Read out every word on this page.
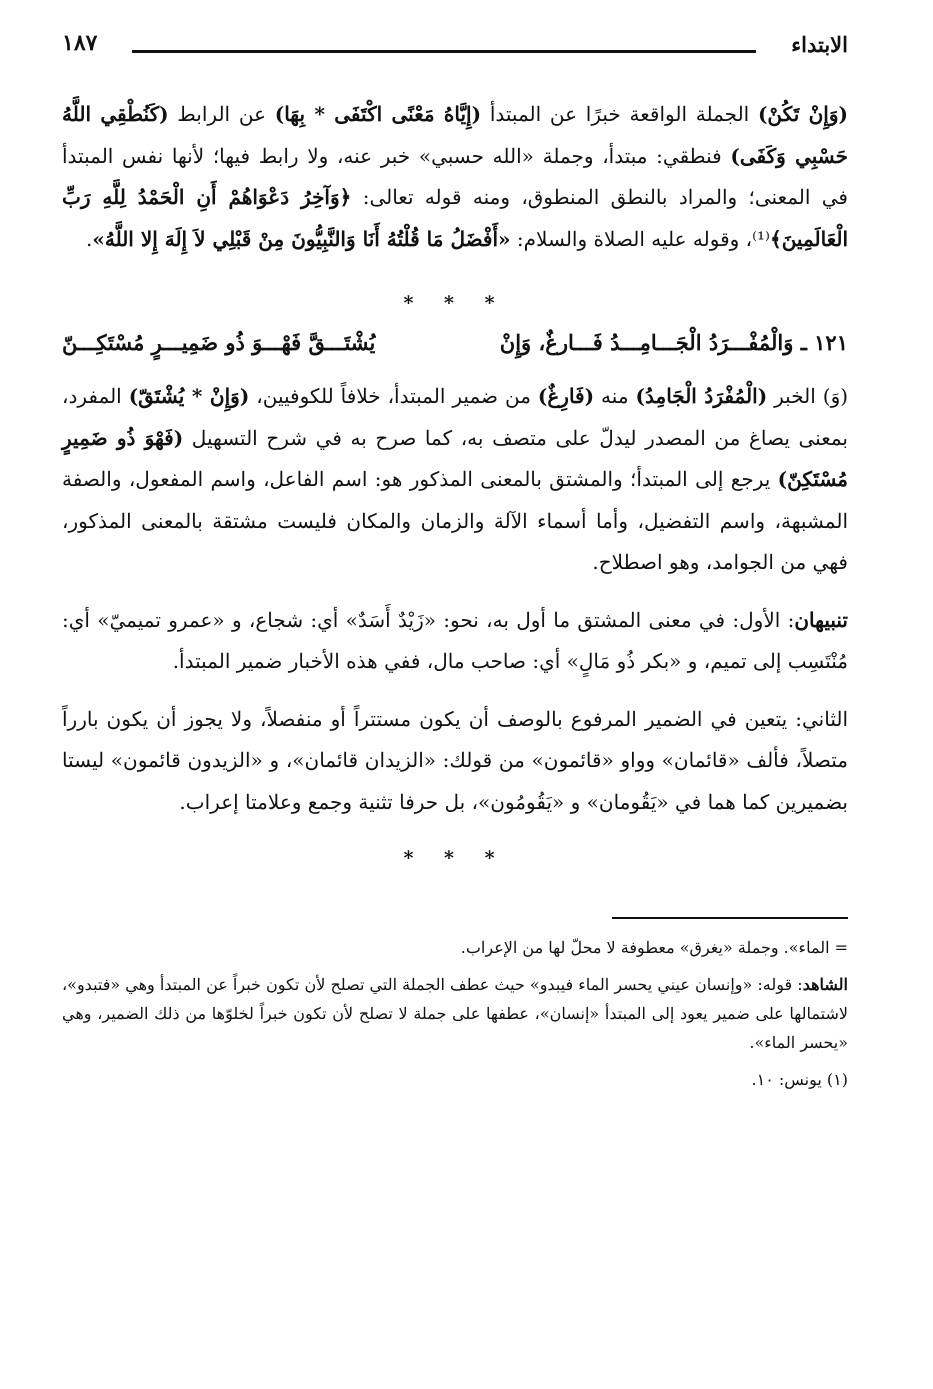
الابتداء
١٨٧

(وَإِنْ تَكُنْ) الجملة الواقعة خبرًا عن المبتدأ (إِيَّاهُ مَعْنًى اكْتَفَى * بِهَا) عن الرابط (كَنُطْقِي اللَّهُ حَسْبِي وَكَفَى) فنطقي: مبتدأ، وجملة «الله حسبي» خبر عنه، ولا رابط فيها؛ لأنها نفس المبتدأ في المعنى؛ والمراد بالنطق المنطوق، ومنه قوله تعالى: ﴿وَآخِرُ دَعْوَاهُمْ أَنِ الْحَمْدُ لِلَّهِ رَبِّ الْعَالَمِينَ﴾⁽¹⁾، وقوله عليه الصلاة والسلام: «أَفْضَلُ مَا قُلْتُهُ أَنَا وَالنَّبِيُّونَ مِنْ قَبْلِي لاَ إِلَهَ إِلا اللَّهُ».

* * *
١٢١ ـ وَالْمُفْـــرَدُ الْجَـــامِـــدُ فَـــارغٌ، وَإِنْ
يُشْتَـــقَّ فَهْـــوَ ذُو ضَمِيـــرٍ مُسْتَكِـــنّ

(وَ) الخبر (الْمُفْرَدُ الْجَامِدُ) منه (فَارِغٌ) من ضمير المبتدأ، خلافاً للكوفيين، (وَإِنْ * يُشْتَقّ) المفرد، بمعنى يصاغ من المصدر ليدلّ على متصف به، كما صرح به في شرح التسهيل (فَهْوَ ذُو ضَمِيرٍ مُسْتَكِنّ) يرجع إلى المبتدأ؛ والمشتق بالمعنى المذكور هو: اسم الفاعل، واسم المفعول، والصفة المشبهة، واسم التفضيل، وأما أسماء الآلة والزمان والمكان فليست مشتقة بالمعنى المذكور، فهي من الجوامد، وهو اصطلاح.

تنبيهان: الأول: في معنى المشتق ما أول به، نحو: «زَيْدٌ أَسَدٌ» أي: شجاع، و «عمرو تميميّ» أي: مُنْتَسِب إلى تميم، و «بكر ذُو مَالٍ» أي: صاحب مال، ففي هذه الأخبار ضمير المبتدأ.

الثاني: يتعين في الضمير المرفوع بالوصف أن يكون مستتراً أو منفصلاً، ولا يجوز أن يكون بارراً متصلاً، فألف «قائمان» وواو «قائمون» من قولك: «الزيدان قائمان»، و «الزيدون قائمون» ليستا بضميرين كما هما في «يَقُومان» و «يَقُومُون»، بل حرفا تثنية وجمع وعلامتا إعراب.

* * *

= الماء». وجملة «يغرق» معطوفة لا محلّ لها من الإعراب.

الشاهد: قوله: «وإنسان عيني يحسر الماء فيبدو» حيث عطف الجملة التي تصلح لأن تكون خبراً عن المبتدأ وهي «فتبدو»، لاشتمالها على ضمير يعود إلى المبتدأ «إنسان»، عطفها على جملة لا تصلح لأن تكون خبراً لخلوّها من ذلك الضمير، وهي «يحسر الماء».

(١) يونس: ١٠.
